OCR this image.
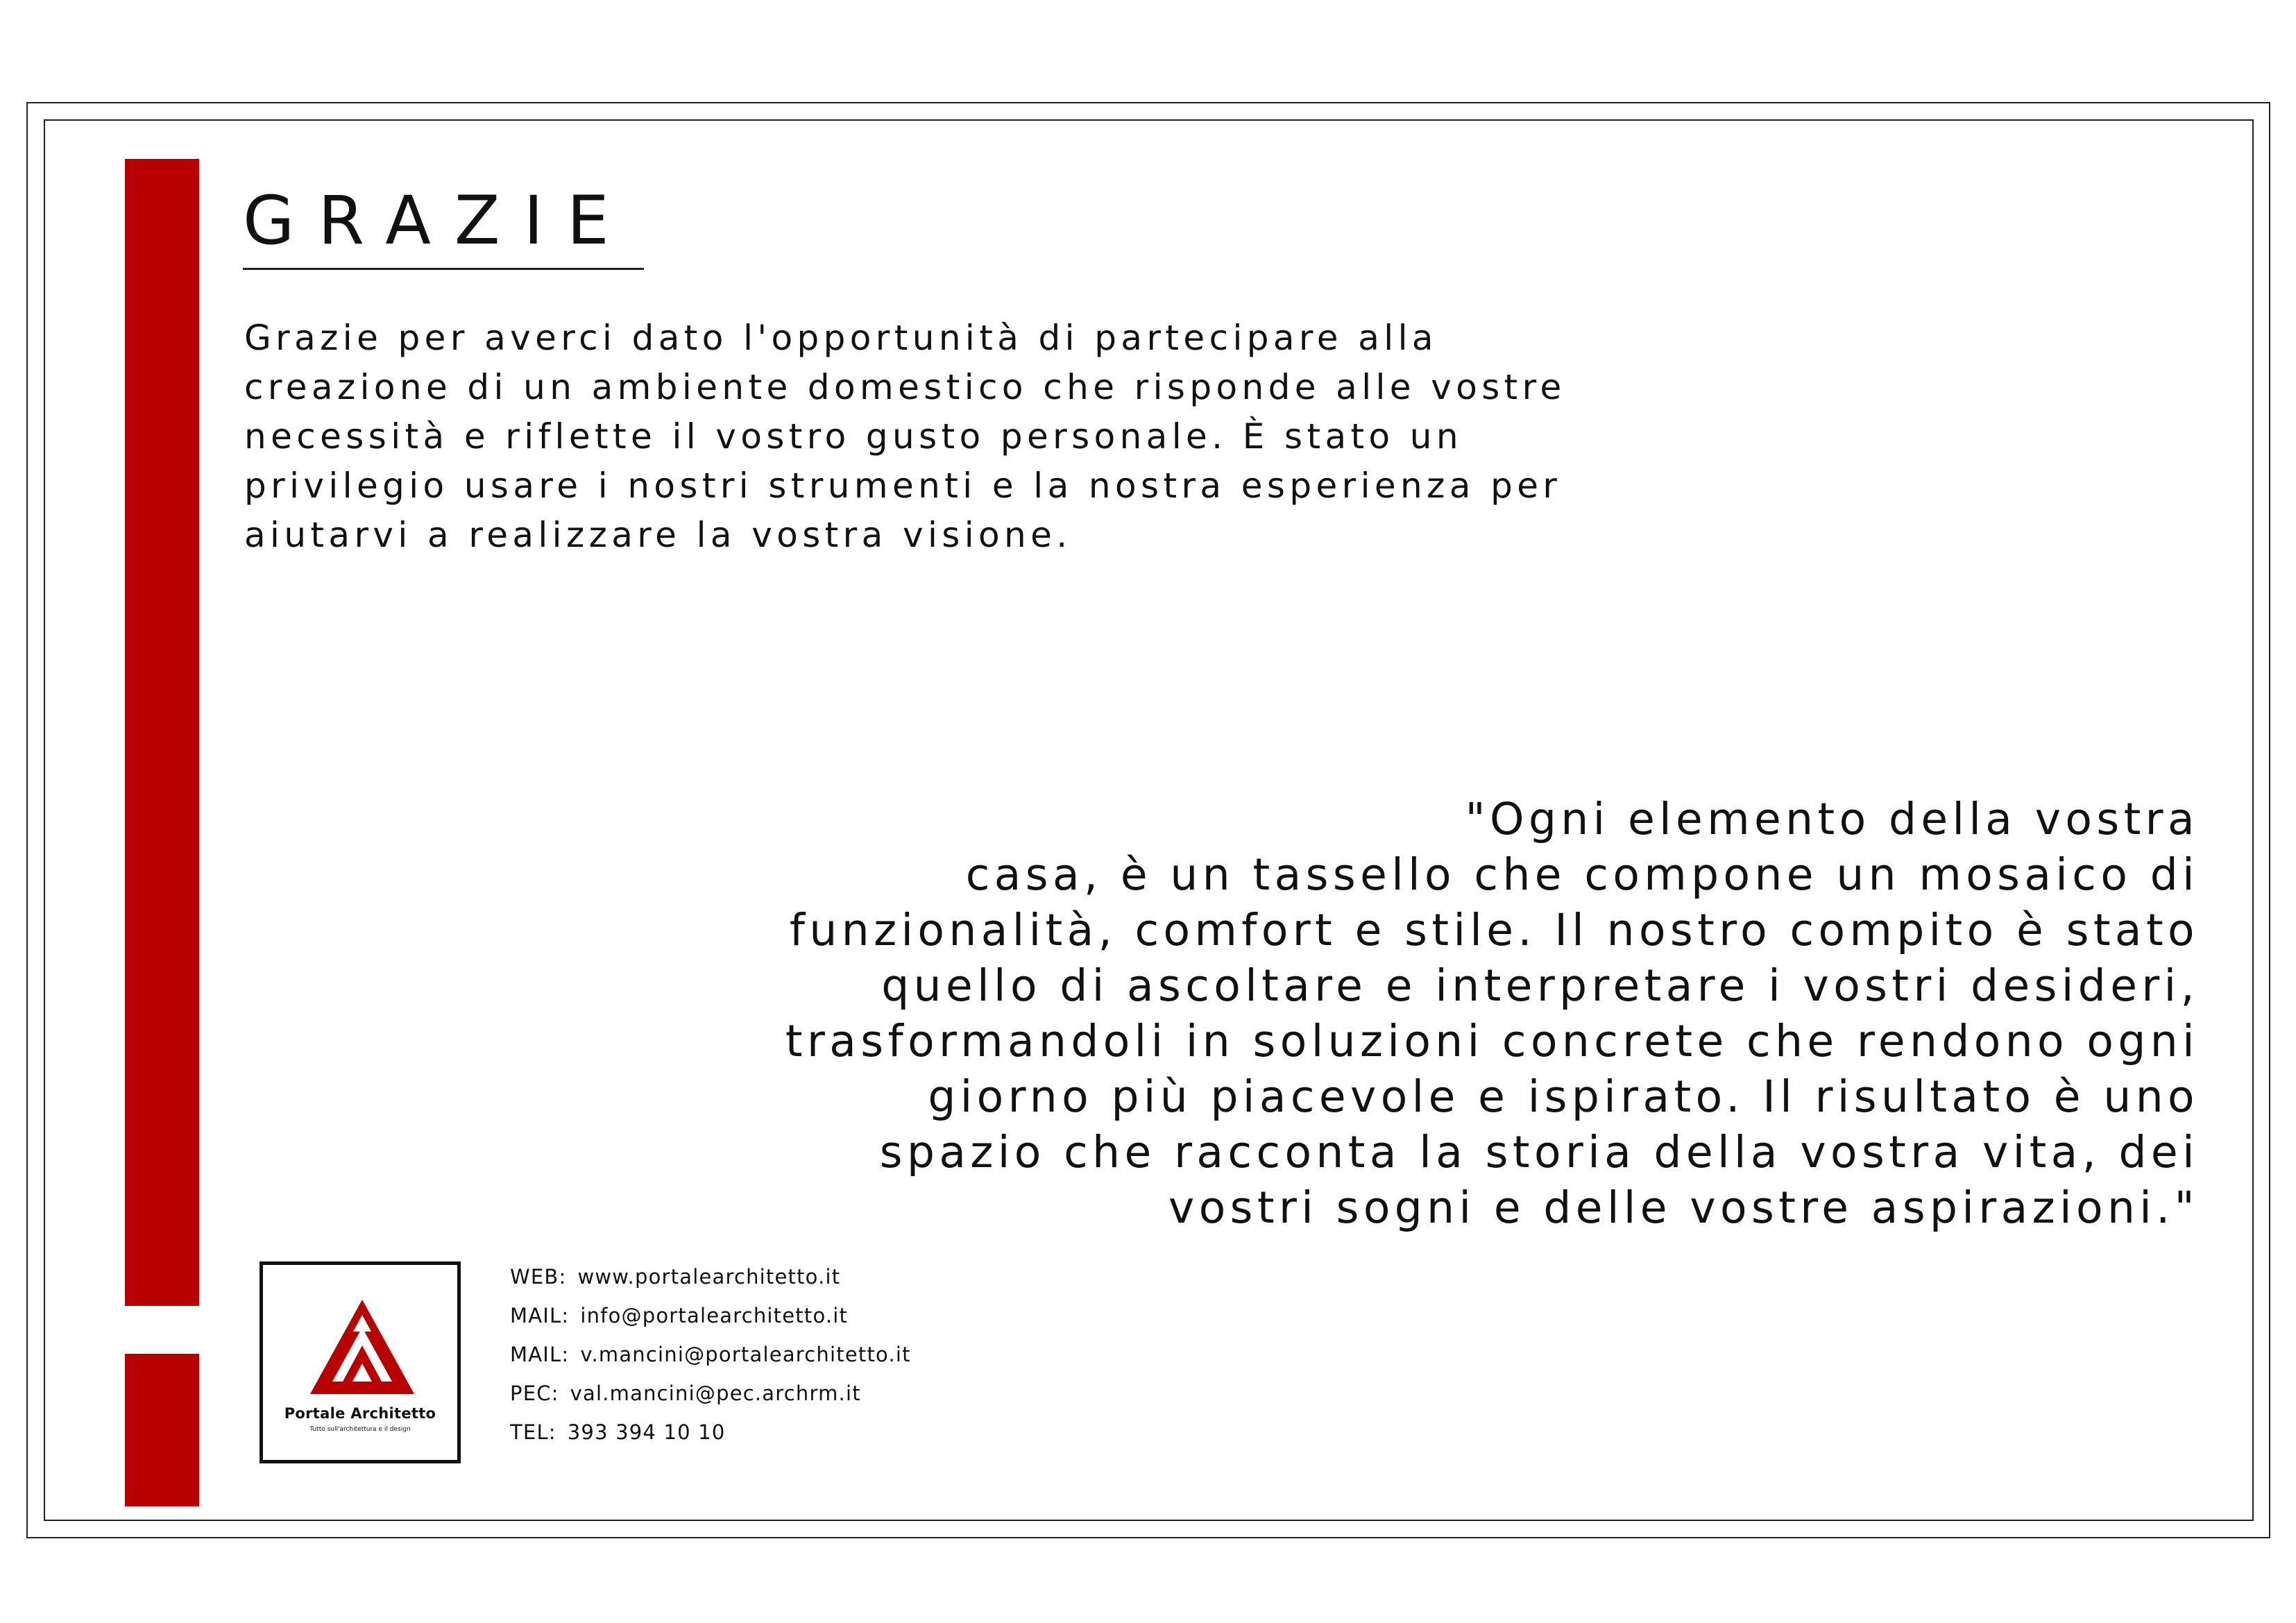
GRAZIE
Grazie per averci dato l'opportunità di partecipare alla
creazione di un ambiente domestico che risponde alle vostre
necessità e riflette il vostro gusto personale. È stato un
privilegio usare i nostri strumenti e la nostra esperienza per
aiutarvi a realizzare la vostra visione.
"Ogni elemento della vostra
casa, è un tassello che compone un mosaico di
funzionalità, comfort e stile. Il nostro compito è stato
quello di ascoltare e interpretare i vostri desideri,
trasformandoli in soluzioni concrete che rendono ogni
giorno più piacevole e ispirato. Il risultato è uno
spazio che racconta la storia della vostra vita, dei
vostri sogni e delle vostre aspirazioni."
Portale Architetto
Tutto sull'architettura e il design
WEB: www.portalearchitetto.it
MAIL: info@portalearchitetto.it
MAIL: v.mancini@portalearchitetto.it
PEC: val.mancini@pec.archrm.it
TEL: 393 394 10 10
